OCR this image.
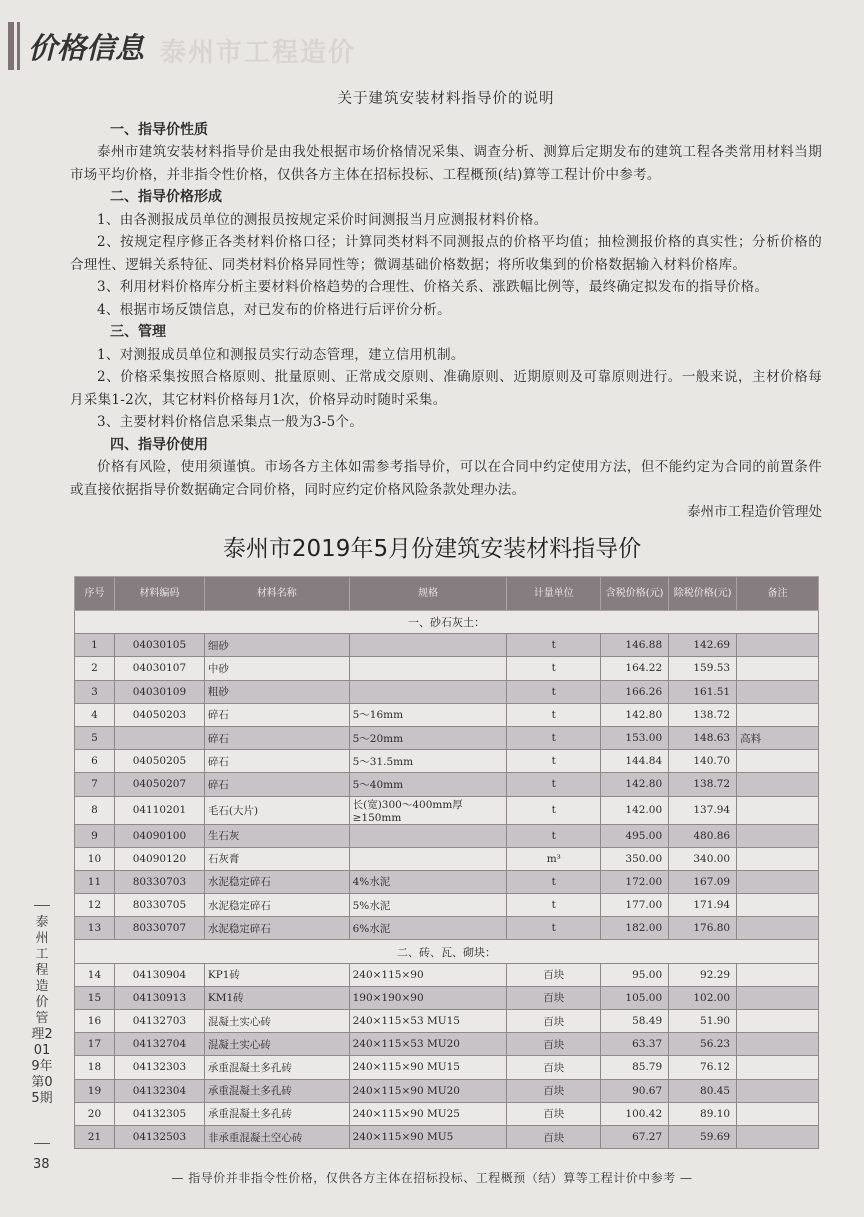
价格信息 泰州市工程造价
关于建筑安装材料指导价的说明
一、指导价性质
泰州市建筑安装材料指导价是由我处根据市场价格情况采集、调查分析、测算后定期发布的建筑工程各类常用材料当期市场平均价格，并非指令性价格，仅供各方主体在招标投标、工程概预(结)算等工程计价中参考。
二、指导价格形成
1、由各测报成员单位的测报员按规定采价时间测报当月应测报材料价格。
2、按规定程序修正各类材料价格口径；计算同类材料不同测报点的价格平均值；抽检测报价格的真实性；分析价格的合理性、逻辑关系特征、同类材料价格异同性等；微调基础价格数据；将所收集到的价格数据输入材料价格库。
3、利用材料价格库分析主要材料价格趋势的合理性、价格关系、涨跌幅比例等，最终确定拟发布的指导价格。
4、根据市场反馈信息，对已发布的价格进行后评价分析。
三、管理
1、对测报成员单位和测报员实行动态管理，建立信用机制。
2、价格采集按照合格原则、批量原则、正常成交原则、准确原则、近期原则及可靠原则进行。一般来说，主材价格每月采集1-2次，其它材料价格每月1次，价格异动时随时采集。
3、主要材料价格信息采集点一般为3-5个。
四、指导价使用
价格有风险，使用须谨慎。市场各方主体如需参考指导价，可以在合同中约定使用方法，但不能约定为合同的前置条件或直接依据指导价数据确定合同价格，同时应约定价格风险条款处理办法。
泰州市工程造价管理处
泰州市2019年5月份建筑安装材料指导价
序号	材料编码	材料名称	规格	计量单位	含税价格(元)	除税价格(元)	备注
一、砂石灰土：							
1	04030105	细砂		t	146.88	142.69	
2	04030107	中砂		t	164.22	159.53	
3	04030109	粗砂		t	166.26	161.51	
4	04050203	碎石	5～16mm	t	142.80	138.72	
5		碎石	5～20mm	t	153.00	148.63	高料
6	04050205	碎石	5～31.5mm	t	144.84	140.70	
7	04050207	碎石	5～40mm	t	142.80	138.72	
8	04110201	毛石(大片)	长(宽)300～400mm厚≥150mm	t	142.00	137.94	
9	04090100	生石灰		t	495.00	480.86	
10	04090120	石灰膏		m³	350.00	340.00	
11	80330703	水泥稳定碎石	4%水泥	t	172.00	167.09	
12	80330705	水泥稳定碎石	5%水泥	t	177.00	171.94	
13	80330707	水泥稳定碎石	6%水泥	t	182.00	176.80	
二、砖、瓦、砌块：							
14	04130904	KP1砖	240×115×90	百块	95.00	92.29	
15	04130913	KM1砖	190×190×90	百块	105.00	102.00	
16	04132703	混凝土实心砖	240×115×53 MU15	百块	58.49	51.90	
17	04132704	混凝土实心砖	240×115×53 MU20	百块	63.37	56.23	
18	04132303	承重混凝土多孔砖	240×115×90 MU15	百块	85.79	76.12	
19	04132304	承重混凝土多孔砖	240×115×90 MU20	百块	90.67	80.45	
20	04132305	承重混凝土多孔砖	240×115×90 MU25	百块	100.42	89.10	
21	04132503	非承重混凝土空心砖	240×115×90 MU5	百块	67.27	59.69	
泰州工程造价管理2019年第05期
38
— 指导价并非指令性价格，仅供各方主体在招标投标、工程概预（结）算等工程计价中参考 —
